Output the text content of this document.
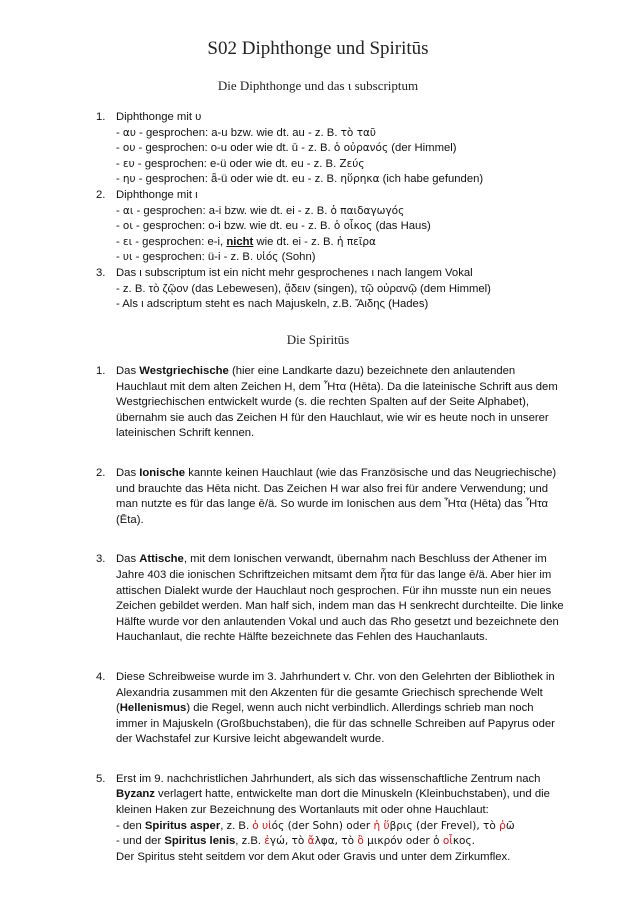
S02 Diphthonge und Spiritūs
Die Diphthonge und das ι subscriptum
1. Diphthonge mit υ
- αυ - gesprochen: a-u bzw. wie dt. au - z. B. τὸ ταῦ
- ου - gesprochen: o-u oder wie dt. ū - z. B. ὁ οὐρανός (der Himmel)
- ευ - gesprochen: e-ü oder wie dt. eu - z. B. Ζεύς
- ηυ - gesprochen: ǟ-ü oder wie dt. eu - z. B. ηὕρηκα (ich habe gefunden)
2. Diphthonge mit ι
- αι - gesprochen: a-i bzw. wie dt. ei - z. B. ὁ παιδαγωγός
- οι - gesprochen: o-i bzw. wie dt. eu - z. B. ὁ οἶκος (das Haus)
- ει - gesprochen: e-i, nicht wie dt. ei - z. B. ἡ πεῖρα
- υι - gesprochen: ü-i - z. B. υἱός (Sohn)
3. Das ι subscriptum ist ein nicht mehr gesprochenes ι nach langem Vokal
- z. B. τὸ ζῷον (das Lebewesen), ᾄδειν (singen), τῷ οὐρανῷ (dem Himmel)
- Als ι adscriptum steht es nach Majuskeln, z.B. Ἅιδης (Hades)
Die Spiritūs
1. Das Westgriechische (hier eine Landkarte dazu) bezeichnete den anlautenden Hauchlaut mit dem alten Zeichen H, dem Ἧτα (Hēta). Da die lateinische Schrift aus dem Westgriechischen entwickelt wurde (s. die rechten Spalten auf der Seite Alphabet), übernahm sie auch das Zeichen H für den Hauchlaut, wie wir es heute noch in unserer lateinischen Schrift kennen.
2. Das Ionische kannte keinen Hauchlaut (wie das Französische und das Neugriechische) und brauchte das Hēta nicht. Das Zeichen H war also frei für andere Verwendung; und man nutzte es für das lange ē/ä. So wurde im Ionischen aus dem Ἧτα (Hēta) das Ἦτα (Ēta).
3. Das Attische, mit dem Ionischen verwandt, übernahm nach Beschluss der Athener im Jahre 403 die ionischen Schriftzeichen mitsamt dem ἦτα für das lange ē/ä. Aber hier im attischen Dialekt wurde der Hauchlaut noch gesprochen. Für ihn musste nun ein neues Zeichen gebildet werden. Man half sich, indem man das H senkrecht durchteilte. Die linke Hälfte wurde vor den anlautenden Vokal und auch das Rho gesetzt und bezeichnete den Hauchanlaut, die rechte Hälfte bezeichnete das Fehlen des Hauchanlauts.
4. Diese Schreibweise wurde im 3. Jahrhundert v. Chr. von den Gelehrten der Bibliothek in Alexandria zusammen mit den Akzenten für die gesamte Griechisch sprechende Welt (Hellenismus) die Regel, wenn auch nicht verbindlich. Allerdings schrieb man noch immer in Majuskeln (Großbuchstaben), die für das schnelle Schreiben auf Papyrus oder der Wachstafel zur Kursive leicht abgewandelt wurde.
5. Erst im 9. nachchristlichen Jahrhundert, als sich das wissenschaftliche Zentrum nach Byzanz verlagert hatte, entwickelte man dort die Minuskeln (Kleinbuchstaben), und die kleinen Haken zur Bezeichnung des Wortanlauts mit oder ohne Hauchlaut:
- den Spiritus asper, z. B. ὁ υἱός (der Sohn) oder ἡ ὕβρις (der Frevel), τὸ ῥῶ
- und der Spiritus lenis, z.B. ἐγώ, τὸ ἄλφα, τὸ ὂ μικρόν oder ὁ οἶκος.
Der Spiritus steht seitdem vor dem Akut oder Gravis und unter dem Zirkumflex.
